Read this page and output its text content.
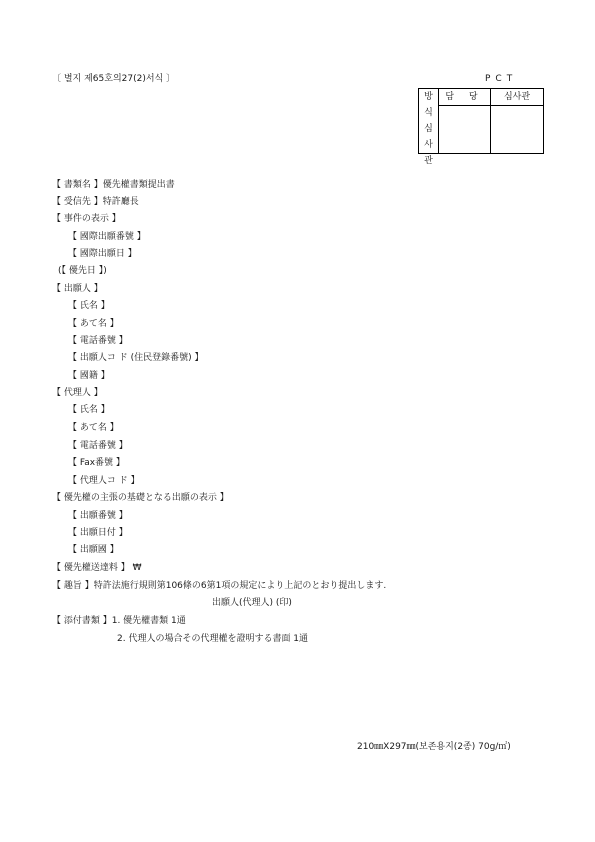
〔 별지 제65호의27(2)서식 〕	PCT
방
식
심
사
관
담 당	심사관
【 書類名 】優先權書類提出書
【 受信先 】特許廳長
【 事件の表示 】
【 國際出願番號 】
【 國際出願日 】
(【 優先日 】)
【 出願人 】
【 氏名 】
【 あて名 】
【 電話番號 】
【 出願人コ ド (住民登錄番號) 】
【 國籍 】
【 代理人 】
【 氏名 】
【 あて名 】
【 電話番號 】
【 Fax番號 】
【 代理人コ ド 】
【 優先權の主張の基礎となる出願の表示 】
【 出願番號 】
【 出願日付 】
【 出願國 】
【 優先權送達料 】 ₩
【 趣旨 】特許法施行規則第106條の6第1項の規定により上記のとおり提出します.
出願人(代理人) (印)
【 添付書類 】1. 優先權書類 1通
2. 代理人の場合その代理權を證明する書面 1通
210㎜X297㎜(보존용지(2종) 70g/㎡)
